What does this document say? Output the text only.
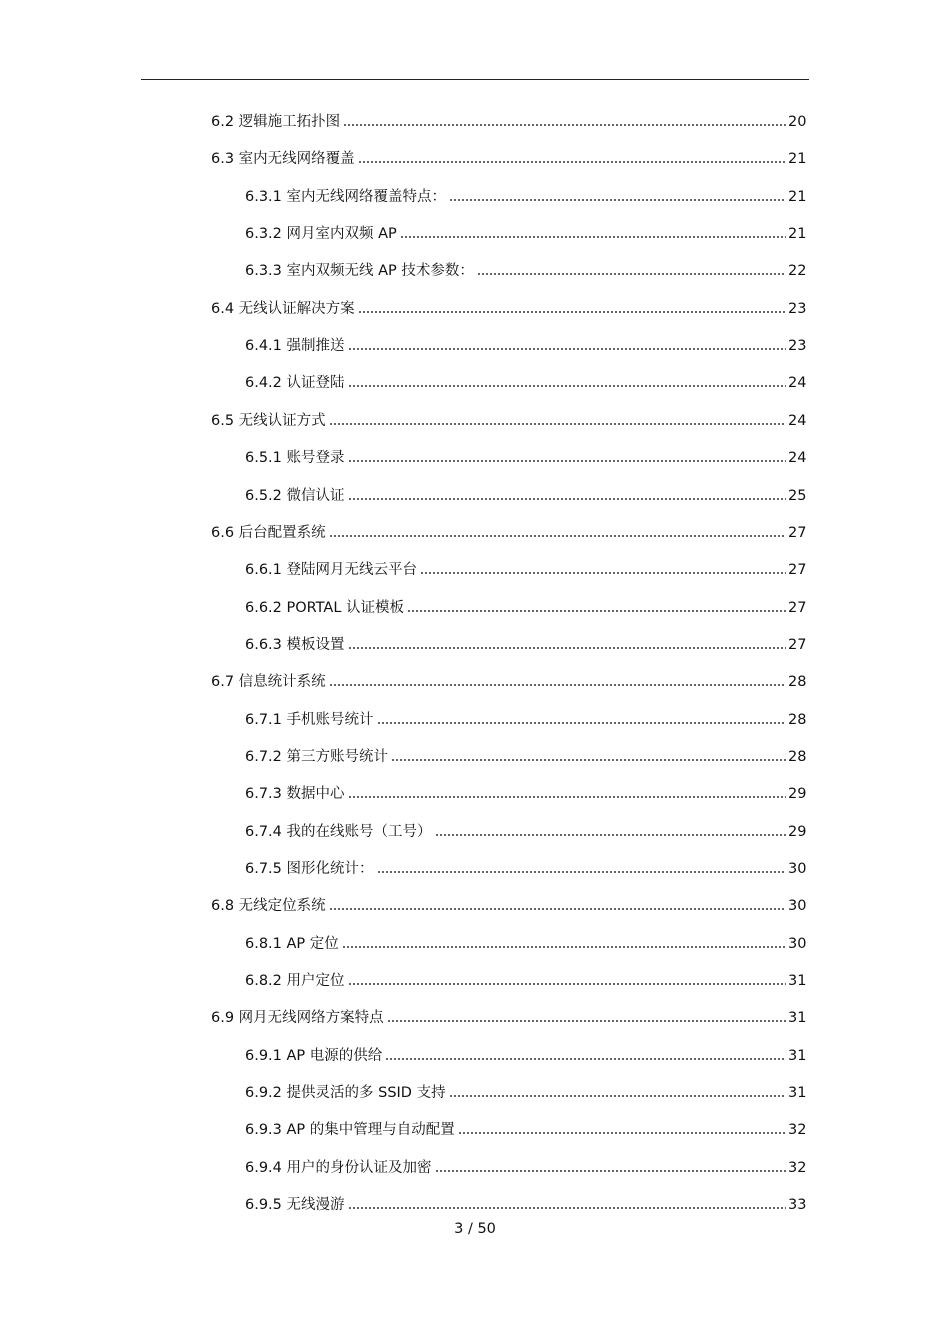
6.2 逻辑施工拓扑图	20
6.3 室内无线网络覆盖	21
6.3.1 室内无线网络覆盖特点：	21
6.3.2 网月室内双频 AP	21
6.3.3 室内双频无线 AP 技术参数：	22
6.4 无线认证解决方案	23
6.4.1 强制推送	23
6.4.2 认证登陆	24
6.5 无线认证方式	24
6.5.1 账号登录	24
6.5.2 微信认证	25
6.6 后台配置系统	27
6.6.1 登陆网月无线云平台	27
6.6.2 PORTAL 认证模板	27
6.6.3 模板设置	27
6.7 信息统计系统	28
6.7.1 手机账号统计	28
6.7.2 第三方账号统计	28
6.7.3 数据中心	29
6.7.4 我的在线账号（工号）	29
6.7.5 图形化统计：	30
6.8 无线定位系统	30
6.8.1 AP 定位	30
6.8.2 用户定位	31
6.9 网月无线网络方案特点	31
6.9.1 AP 电源的供给	31
6.9.2 提供灵活的多 SSID 支持	31
6.9.3 AP 的集中管理与自动配置	32
6.9.4 用户的身份认证及加密	32
6.9.5 无线漫游	33
3 / 50
